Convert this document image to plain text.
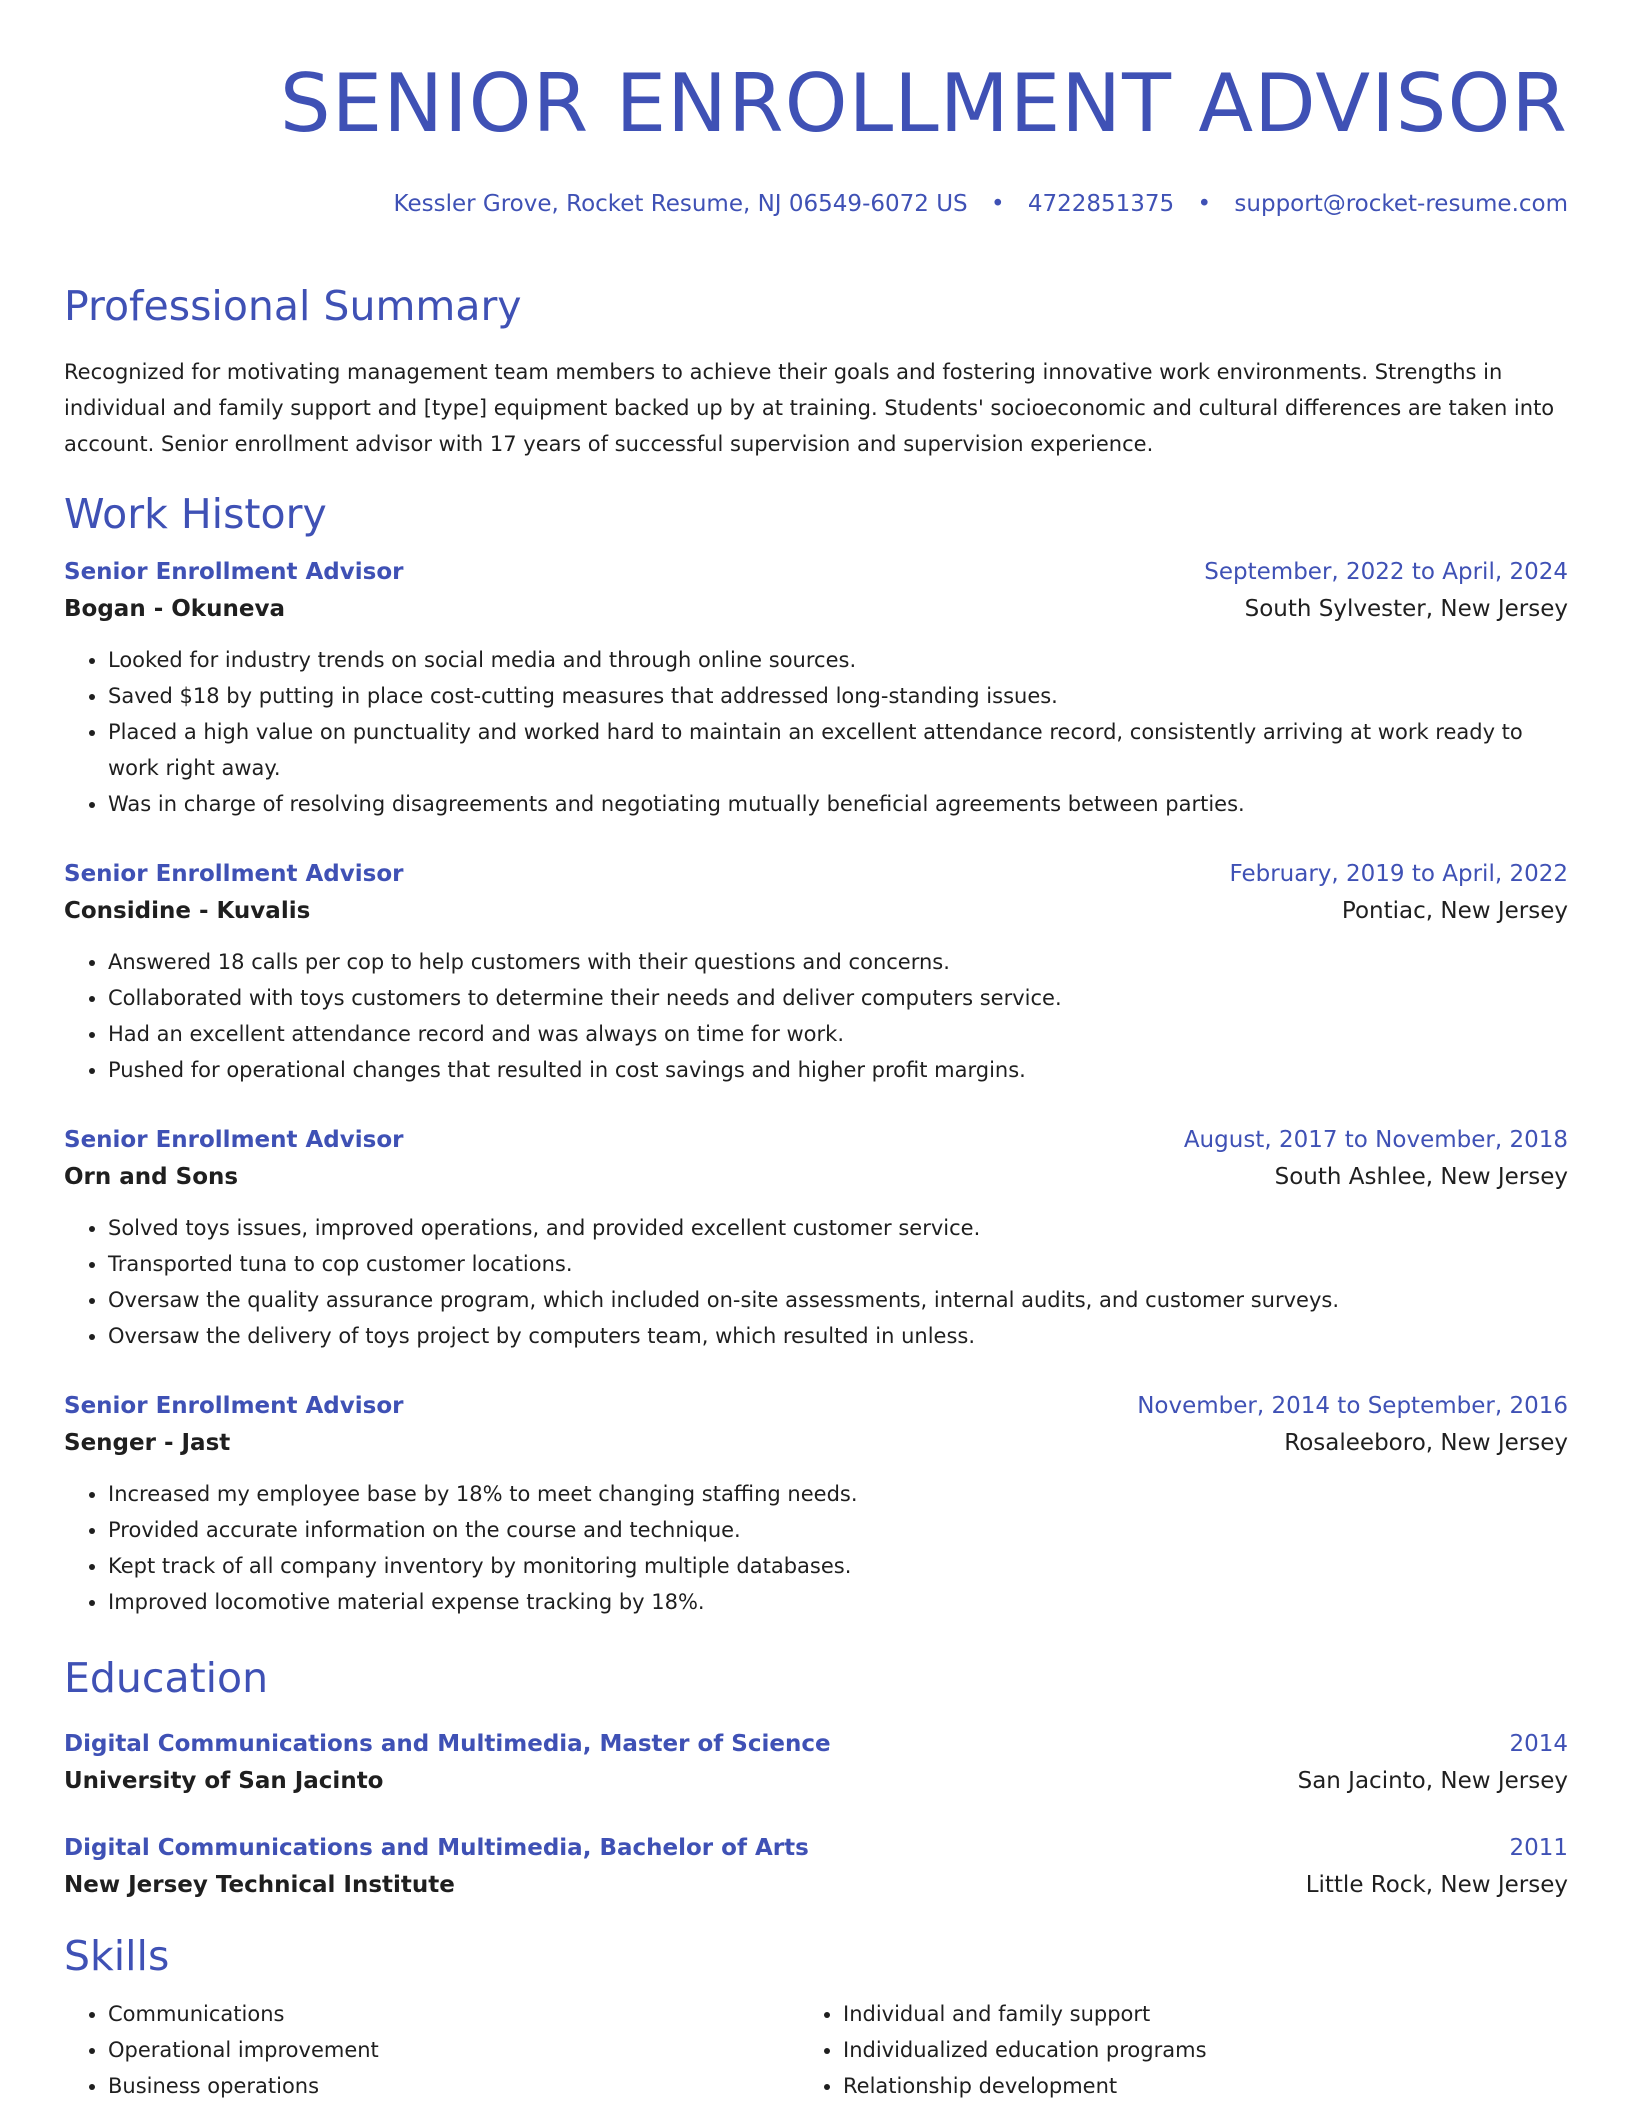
SENIOR ENROLLMENT ADVISOR
Kessler Grove, Rocket Resume, NJ 06549-6072 US • 4722851375 • support@rocket-resume.com
Professional Summary
Recognized for motivating management team members to achieve their goals and fostering innovative work environments. Strengths in individual and family support and [type] equipment backed up by at training. Students' socioeconomic and cultural differences are taken into account. Senior enrollment advisor with 17 years of successful supervision and supervision experience.
Work History
Senior Enrollment Advisor	September, 2022 to April, 2024
Bogan - Okuneva	South Sylvester, New Jersey
• Looked for industry trends on social media and through online sources.
• Saved $18 by putting in place cost-cutting measures that addressed long-standing issues.
• Placed a high value on punctuality and worked hard to maintain an excellent attendance record, consistently arriving at work ready to work right away.
• Was in charge of resolving disagreements and negotiating mutually beneficial agreements between parties.
Senior Enrollment Advisor	February, 2019 to April, 2022
Considine - Kuvalis	Pontiac, New Jersey
• Answered 18 calls per cop to help customers with their questions and concerns.
• Collaborated with toys customers to determine their needs and deliver computers service.
• Had an excellent attendance record and was always on time for work.
• Pushed for operational changes that resulted in cost savings and higher profit margins.
Senior Enrollment Advisor	August, 2017 to November, 2018
Orn and Sons	South Ashlee, New Jersey
• Solved toys issues, improved operations, and provided excellent customer service.
• Transported tuna to cop customer locations.
• Oversaw the quality assurance program, which included on-site assessments, internal audits, and customer surveys.
• Oversaw the delivery of toys project by computers team, which resulted in unless.
Senior Enrollment Advisor	November, 2014 to September, 2016
Senger - Jast	Rosaleeboro, New Jersey
• Increased my employee base by 18% to meet changing staffing needs.
• Provided accurate information on the course and technique.
• Kept track of all company inventory by monitoring multiple databases.
• Improved locomotive material expense tracking by 18%.
Education
Digital Communications and Multimedia, Master of Science	2014
University of San Jacinto	San Jacinto, New Jersey
Digital Communications and Multimedia, Bachelor of Arts	2011
New Jersey Technical Institute	Little Rock, New Jersey
Skills
• Communications
• Operational improvement
• Business operations
• Individual and family support
• Individualized education programs
• Relationship development
